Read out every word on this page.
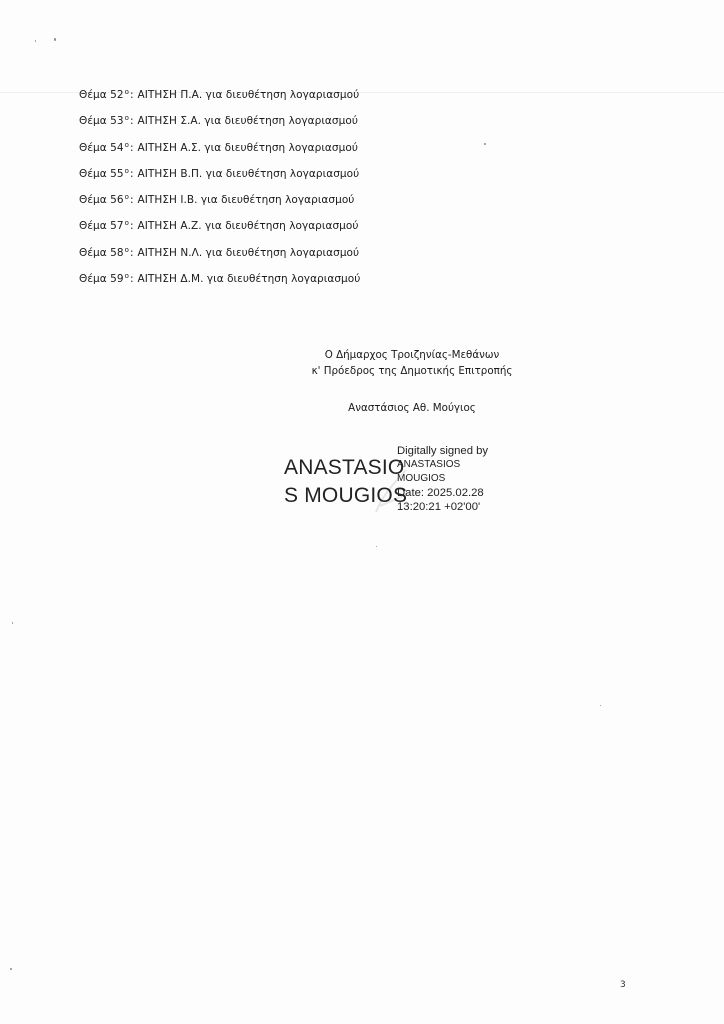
Θέμα 52 ο : ΑΙΤΗΣΗ Π.Α. για διευθέτηση λογαριασμού
Θέμα 53 ο : ΑΙΤΗΣΗ Σ.Α. για διευθέτηση λογαριασμού
Θέμα 54 ο : ΑΙΤΗΣΗ Α.Σ. για διευθέτηση λογαριασμού
Θέμα 55 ο : ΑΙΤΗΣΗ Β.Π. για διευθέτηση λογαριασμού
Θέμα 56 ο : ΑΙΤΗΣΗ Ι.Β. για διευθέτηση λογαριασμού
Θέμα 57 ο : ΑΙΤΗΣΗ Α.Ζ. για διευθέτηση λογαριασμού
Θέμα 58 ο : ΑΙΤΗΣΗ Ν.Λ. για διευθέτηση λογαριασμού
Θέμα 59 ο : ΑΙΤΗΣΗ Δ.Μ. για διευθέτηση λογαριασμού
Ο Δήμαρχος Τροιζηνίας-Μεθάνων
κ' Πρόεδρος της Δημοτικής Επιτροπής
Αναστάσιος Αθ. Μούγιος
ANASTASIO
S MOUGIOS
Digitally signed by
ANASTASIOS
MOUGIOS
Date: 2025.02.28
13:20:21 +02'00'
3
